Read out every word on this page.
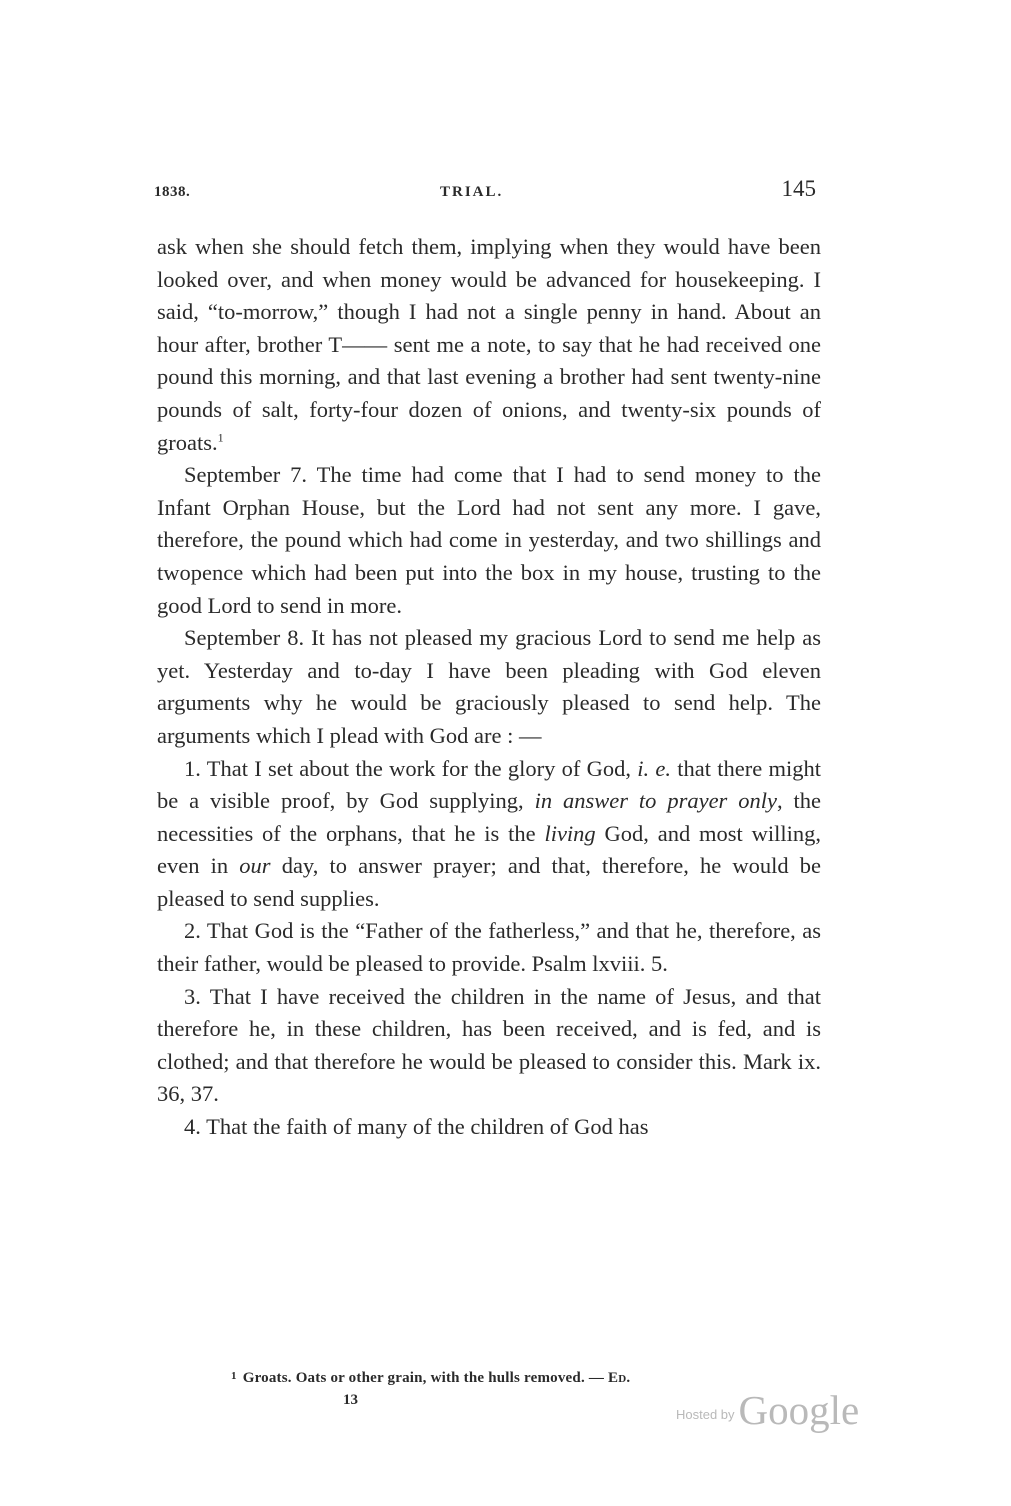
1838.	TRIAL.	145

ask when she should fetch them, implying when they would have been looked over, and when money would be advanced for housekeeping. I said, “to-morrow,” though I had not a single penny in hand. About an hour after, brother T—— sent me a note, to say that he had received one pound this morning, and that last evening a brother had sent twenty-nine pounds of salt, forty-four dozen of onions, and twenty-six pounds of groats.$^1$

September 7. The time had come that I had to send money to the Infant Orphan House, but the Lord had not sent any more. I gave, therefore, the pound which had come in yesterday, and two shillings and twopence which had been put into the box in my house, trusting to the good Lord to send in more.

September 8. It has not pleased my gracious Lord to send me help as yet. Yesterday and to-day I have been pleading with God eleven arguments why he would be graciously pleased to send help. The arguments which I plead with God are : —

1. That I set about the work for the glory of God, i. e. that there might be a visible proof, by God supplying, in answer to prayer only, the necessities of the orphans, that he is the living God, and most willing, even in our day, to answer prayer; and that, therefore, he would be pleased to send supplies.

2. That God is the “Father of the fatherless,” and that he, therefore, as their father, would be pleased to provide. Psalm lxviii. 5.

3. That I have received the children in the name of Jesus, and that therefore he, in these children, has been received, and is fed, and is clothed; and that therefore he would be pleased to consider this. Mark ix. 36, 37.

4. That the faith of many of the children of God has

$^1$ Groats. Oats or other grain, with the hulls removed. — Ed.
13
$^{Hosted by}$Google
